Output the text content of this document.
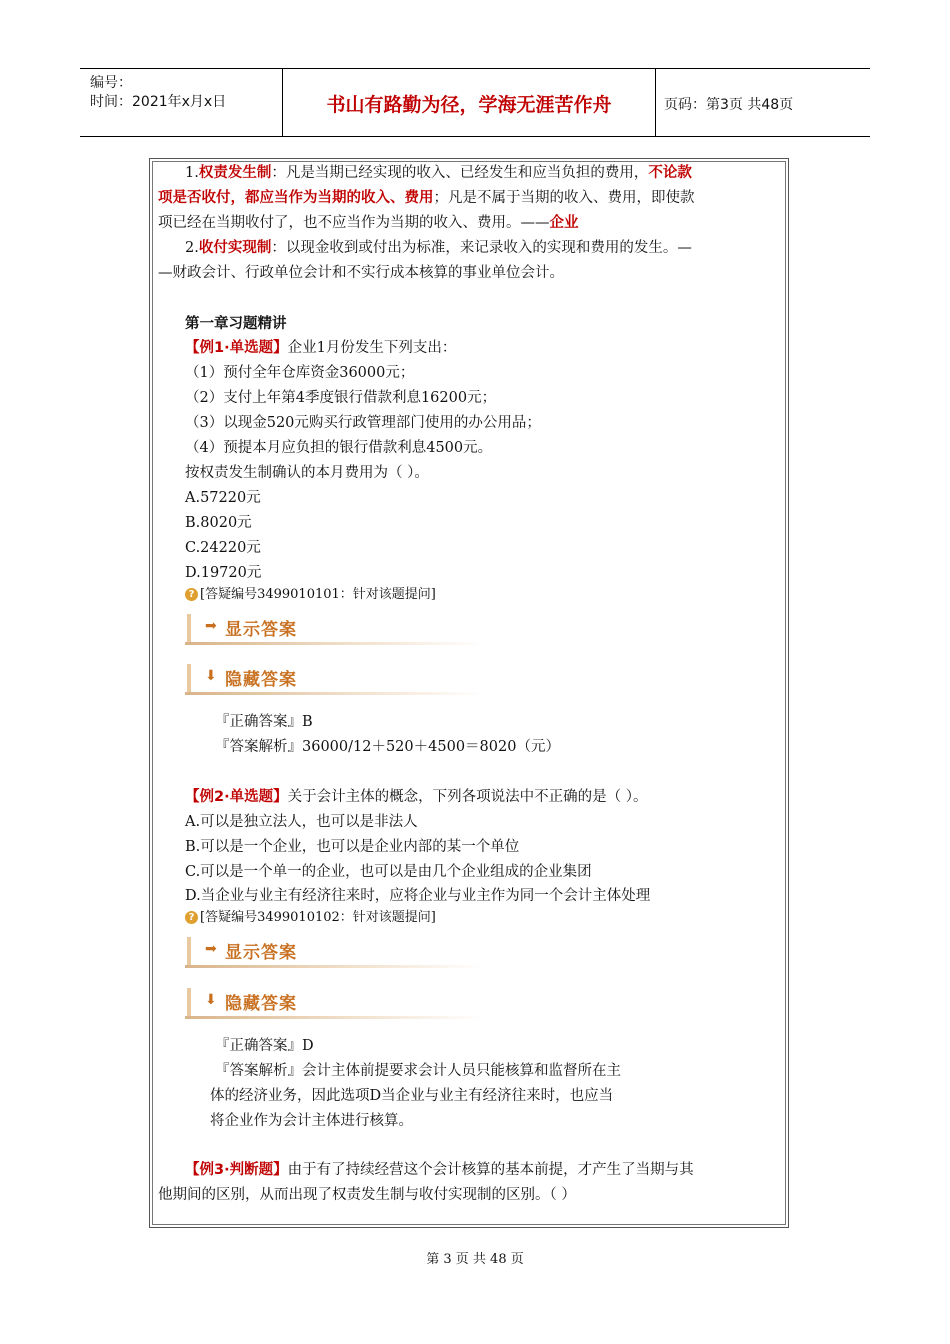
编号：
时间：2021年x月x日	书山有路勤为径，学海无涯苦作舟	页码：第3页 共48页
1.权责发生制：凡是当期已经实现的收入、已经发生和应当负担的费用，不论款
项是否收付，都应当作为当期的收入、费用；凡是不属于当期的收入、费用，即使款
项已经在当期收付了，也不应当作为当期的收入、费用。——企业
2.收付实现制：以现金收到或付出为标准，来记录收入的实现和费用的发生。—
—财政会计、行政单位会计和不实行成本核算的事业单位会计。
第一章习题精讲
【例1·单选题】企业1月份发生下列支出：
（1）预付全年仓库资金36000元；
（2）支付上年第4季度银行借款利息16200元；
（3）以现金520元购买行政管理部门使用的办公用品；
（4）预提本月应负担的银行借款利息4500元。
按权责发生制确认的本月费用为（ ）。
A.57220元
B.8020元
C.24220元
D.19720元
? [答疑编号3499010101：针对该题提问]
➡ 显示答案
⬇ 隐藏答案
『正确答案』B
『答案解析』36000/12＋520＋4500＝8020（元）
【例2·单选题】关于会计主体的概念，下列各项说法中不正确的是（ ）。
A.可以是独立法人，也可以是非法人
B.可以是一个企业，也可以是企业内部的某一个单位
C.可以是一个单一的企业，也可以是由几个企业组成的企业集团
D.当企业与业主有经济往来时，应将企业与业主作为同一个会计主体处理
? [答疑编号3499010102：针对该题提问]
➡ 显示答案
⬇ 隐藏答案
『正确答案』D
『答案解析』会计主体前提要求会计人员只能核算和监督所在主
体的经济业务，因此选项D当企业与业主有经济往来时，也应当
将企业作为会计主体进行核算。
【例3·判断题】由于有了持续经营这个会计核算的基本前提，才产生了当期与其
他期间的区别，从而出现了权责发生制与收付实现制的区别。（ ）
第 3 页 共 48 页
